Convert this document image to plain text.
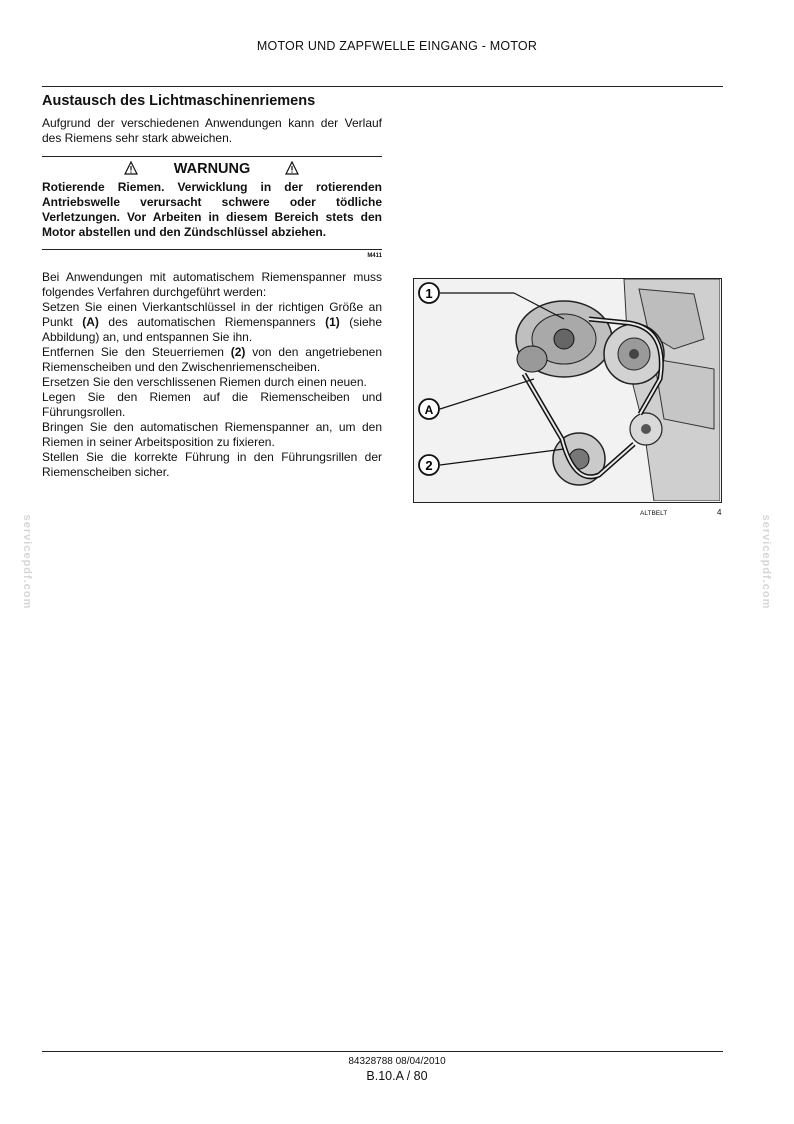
MOTOR UND ZAPFWELLE EINGANG - MOTOR
Austausch des Lichtmaschinenriemens
Aufgrund der verschiedenen Anwendungen kann der Verlauf des Riemens sehr stark abweichen.
WARNUNG
Rotierende Riemen. Verwicklung in der rotierenden Antriebswelle verursacht schwere oder tödliche Verletzungen. Vor Arbeiten in diesem Bereich stets den Motor abstellen und den Zündschlüssel abziehen.
M411

Bei Anwendungen mit automatischem Riemenspanner muss folgendes Verfahren durchgeführt werden:

Setzen Sie einen Vierkantschlüssel in der richtigen Größe an Punkt (A) des automatischen Riemenspanners (1) (siehe Abbildung) an, und entspannen Sie ihn.

Entfernen Sie den Steuerriemen (2) von den angetriebenen Riemenscheiben und den Zwischenriemenscheiben.

Ersetzen Sie den verschlissenen Riemen durch einen neuen.

Legen Sie den Riemen auf die Riemenscheiben und Führungsrollen.

Bringen Sie den automatischen Riemenspanner an, um den Riemen in seiner Arbeitsposition zu fixieren.

Stellen Sie die korrekte Führung in den Führungsrillen der Riemenscheiben sicher.

1
A
2
ALTBELT	4
servicepdf.com	servicepdf.com
84328788 08/04/2010
B.10.A / 80
